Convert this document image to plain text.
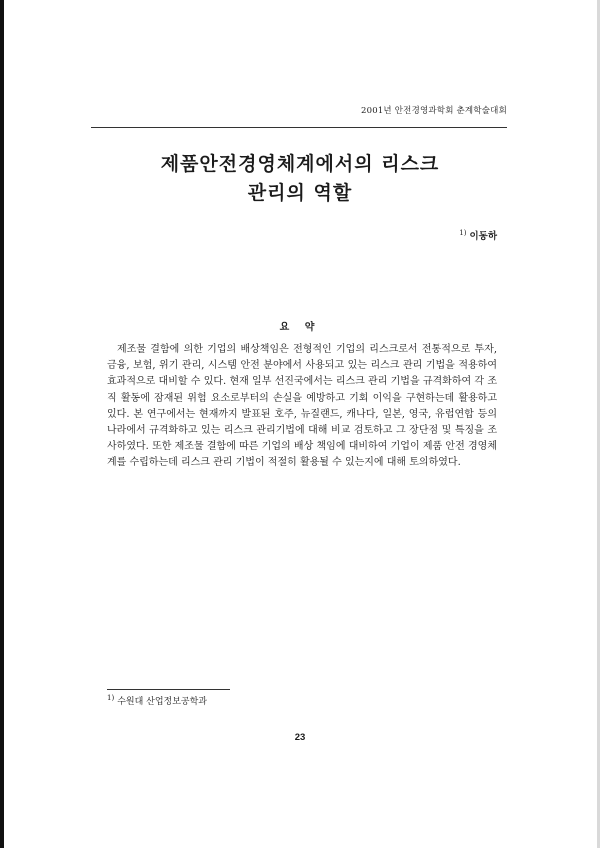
2001년 안전경영과학회 춘계학술대회
제품안전경영체계에서의 리스크
관리의 역할
$^{1)}$ 이동하
요 약

제조물 결함에 의한 기업의 배상책임은 전형적인 기업의 리스크로서 전통적으로 투자, 금융, 보험, 위기 관리, 시스템 안전 분야에서 사용되고 있는 리스크 관리 기법을 적용하여 효과적으로 대비할 수 있다. 현재 일부 선진국에서는 리스크 관리 기법을 규격화하여 각 조직 활동에 잠재된 위험 요소로부터의 손실을 예방하고 기회 이익을 구현하는데 활용하고 있다. 본 연구에서는 현재까지 발표된 호주, 뉴질랜드, 캐나다, 일본, 영국, 유럽연합 등의 나라에서 규격화하고 있는 리스크 관리기법에 대해 비교 검토하고 그 장단점 및 특징을 조사하였다. 또한 제조물 결함에 따른 기업의 배상 책임에 대비하여 기업이 제품 안전 경영체계를 수립하는데 리스크 관리 기법이 적절히 활용될 수 있는지에 대해 토의하였다.

$^{1)}$ 수원대 산업정보공학과
23
